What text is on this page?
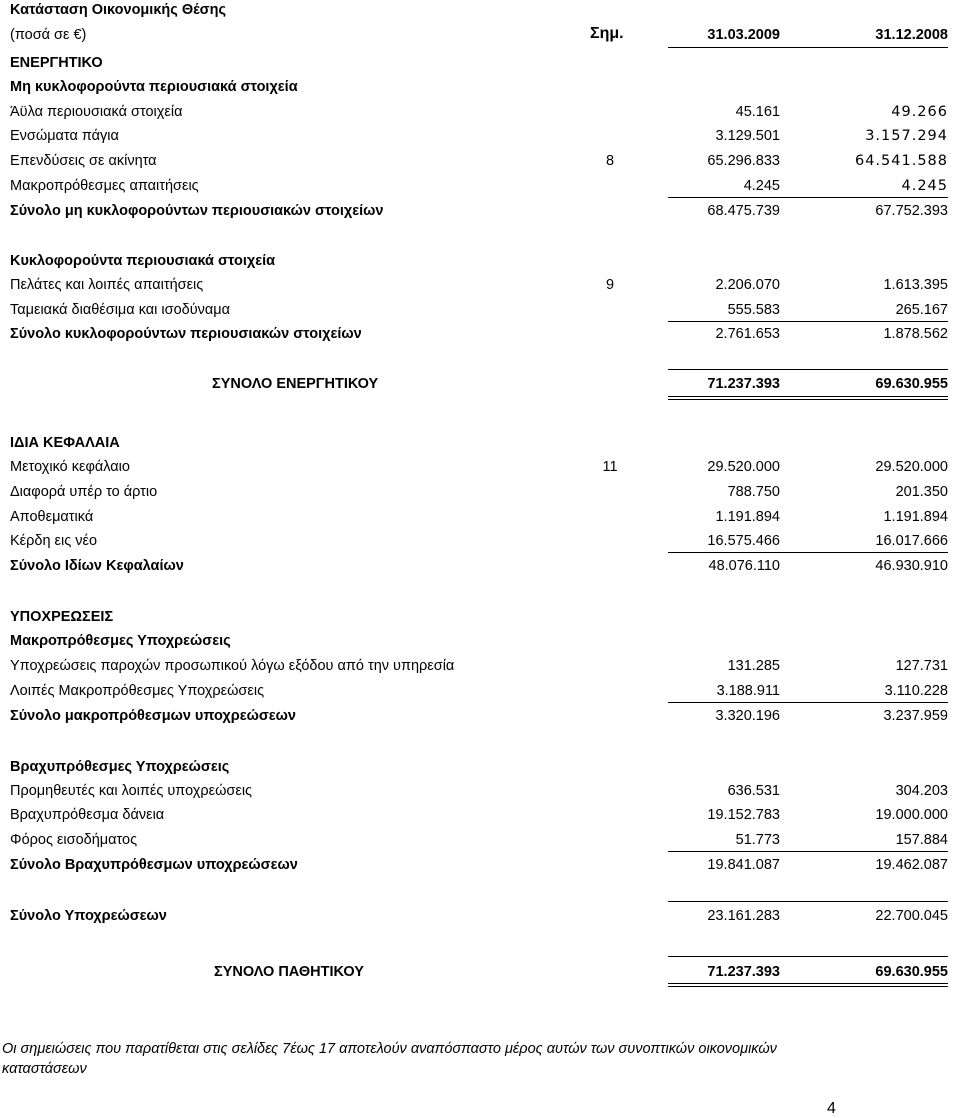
Κατάσταση Οικονομικής Θέσης
(ποσά σε €)	Σημ.	31.03.2009	31.12.2008
ΕΝΕΡΓΗΤΙΚΟ
Μη κυκλοφορούντα περιουσιακά στοιχεία
Άϋλα περιουσιακά στοιχεία	45.161	49.266
Ενσώματα πάγια	3.129.501	3.157.294
Επενδύσεις σε ακίνητα	8	65.296.833	64.541.588
Μακροπρόθεσμες απαιτήσεις	4.245	4.245
Σύνολο μη κυκλοφορούντων περιουσιακών στοιχείων	68.475.739	67.752.393
Κυκλοφορούντα περιουσιακά στοιχεία
Πελάτες και λοιπές απαιτήσεις	9	2.206.070	1.613.395
Ταμειακά διαθέσιμα και ισοδύναμα	555.583	265.167
Σύνολο κυκλοφορούντων περιουσιακών στοιχείων	2.761.653	1.878.562
ΣΥΝΟΛΟ ΕΝΕΡΓΗΤΙΚΟΥ	71.237.393	69.630.955
ΙΔΙΑ ΚΕΦΑΛΑΙΑ
Μετοχικό κεφάλαιο	11	29.520.000	29.520.000
Διαφορά υπέρ το άρτιο	788.750	201.350
Αποθεματικά	1.191.894	1.191.894
Κέρδη εις νέο	16.575.466	16.017.666
Σύνολο Ιδίων Κεφαλαίων	48.076.110	46.930.910
ΥΠΟΧΡΕΩΣΕΙΣ
Μακροπρόθεσμες Υποχρεώσεις
Υποχρεώσεις παροχών προσωπικού λόγω εξόδου από την υπηρεσία	131.285	127.731
Λοιπές Μακροπρόθεσμες Υποχρεώσεις	3.188.911	3.110.228
Σύνολο μακροπρόθεσμων υποχρεώσεων	3.320.196	3.237.959
Βραχυπρόθεσμες Υποχρεώσεις
Προμηθευτές και λοιπές υποχρεώσεις	636.531	304.203
Βραχυπρόθεσμα δάνεια	19.152.783	19.000.000
Φόρος εισοδήματος	51.773	157.884
Σύνολο Βραχυπρόθεσμων υποχρεώσεων	19.841.087	19.462.087
Σύνολο Υποχρεώσεων	23.161.283	22.700.045
ΣΥΝΟΛΟ ΠΑΘΗΤΙΚΟΥ	71.237.393	69.630.955
Οι σημειώσεις που παρατίθεται στις σελίδες 7έως 17 αποτελούν αναπόσπαστο μέρος αυτών των συνοπτικών οικονομικών
καταστάσεων
4
